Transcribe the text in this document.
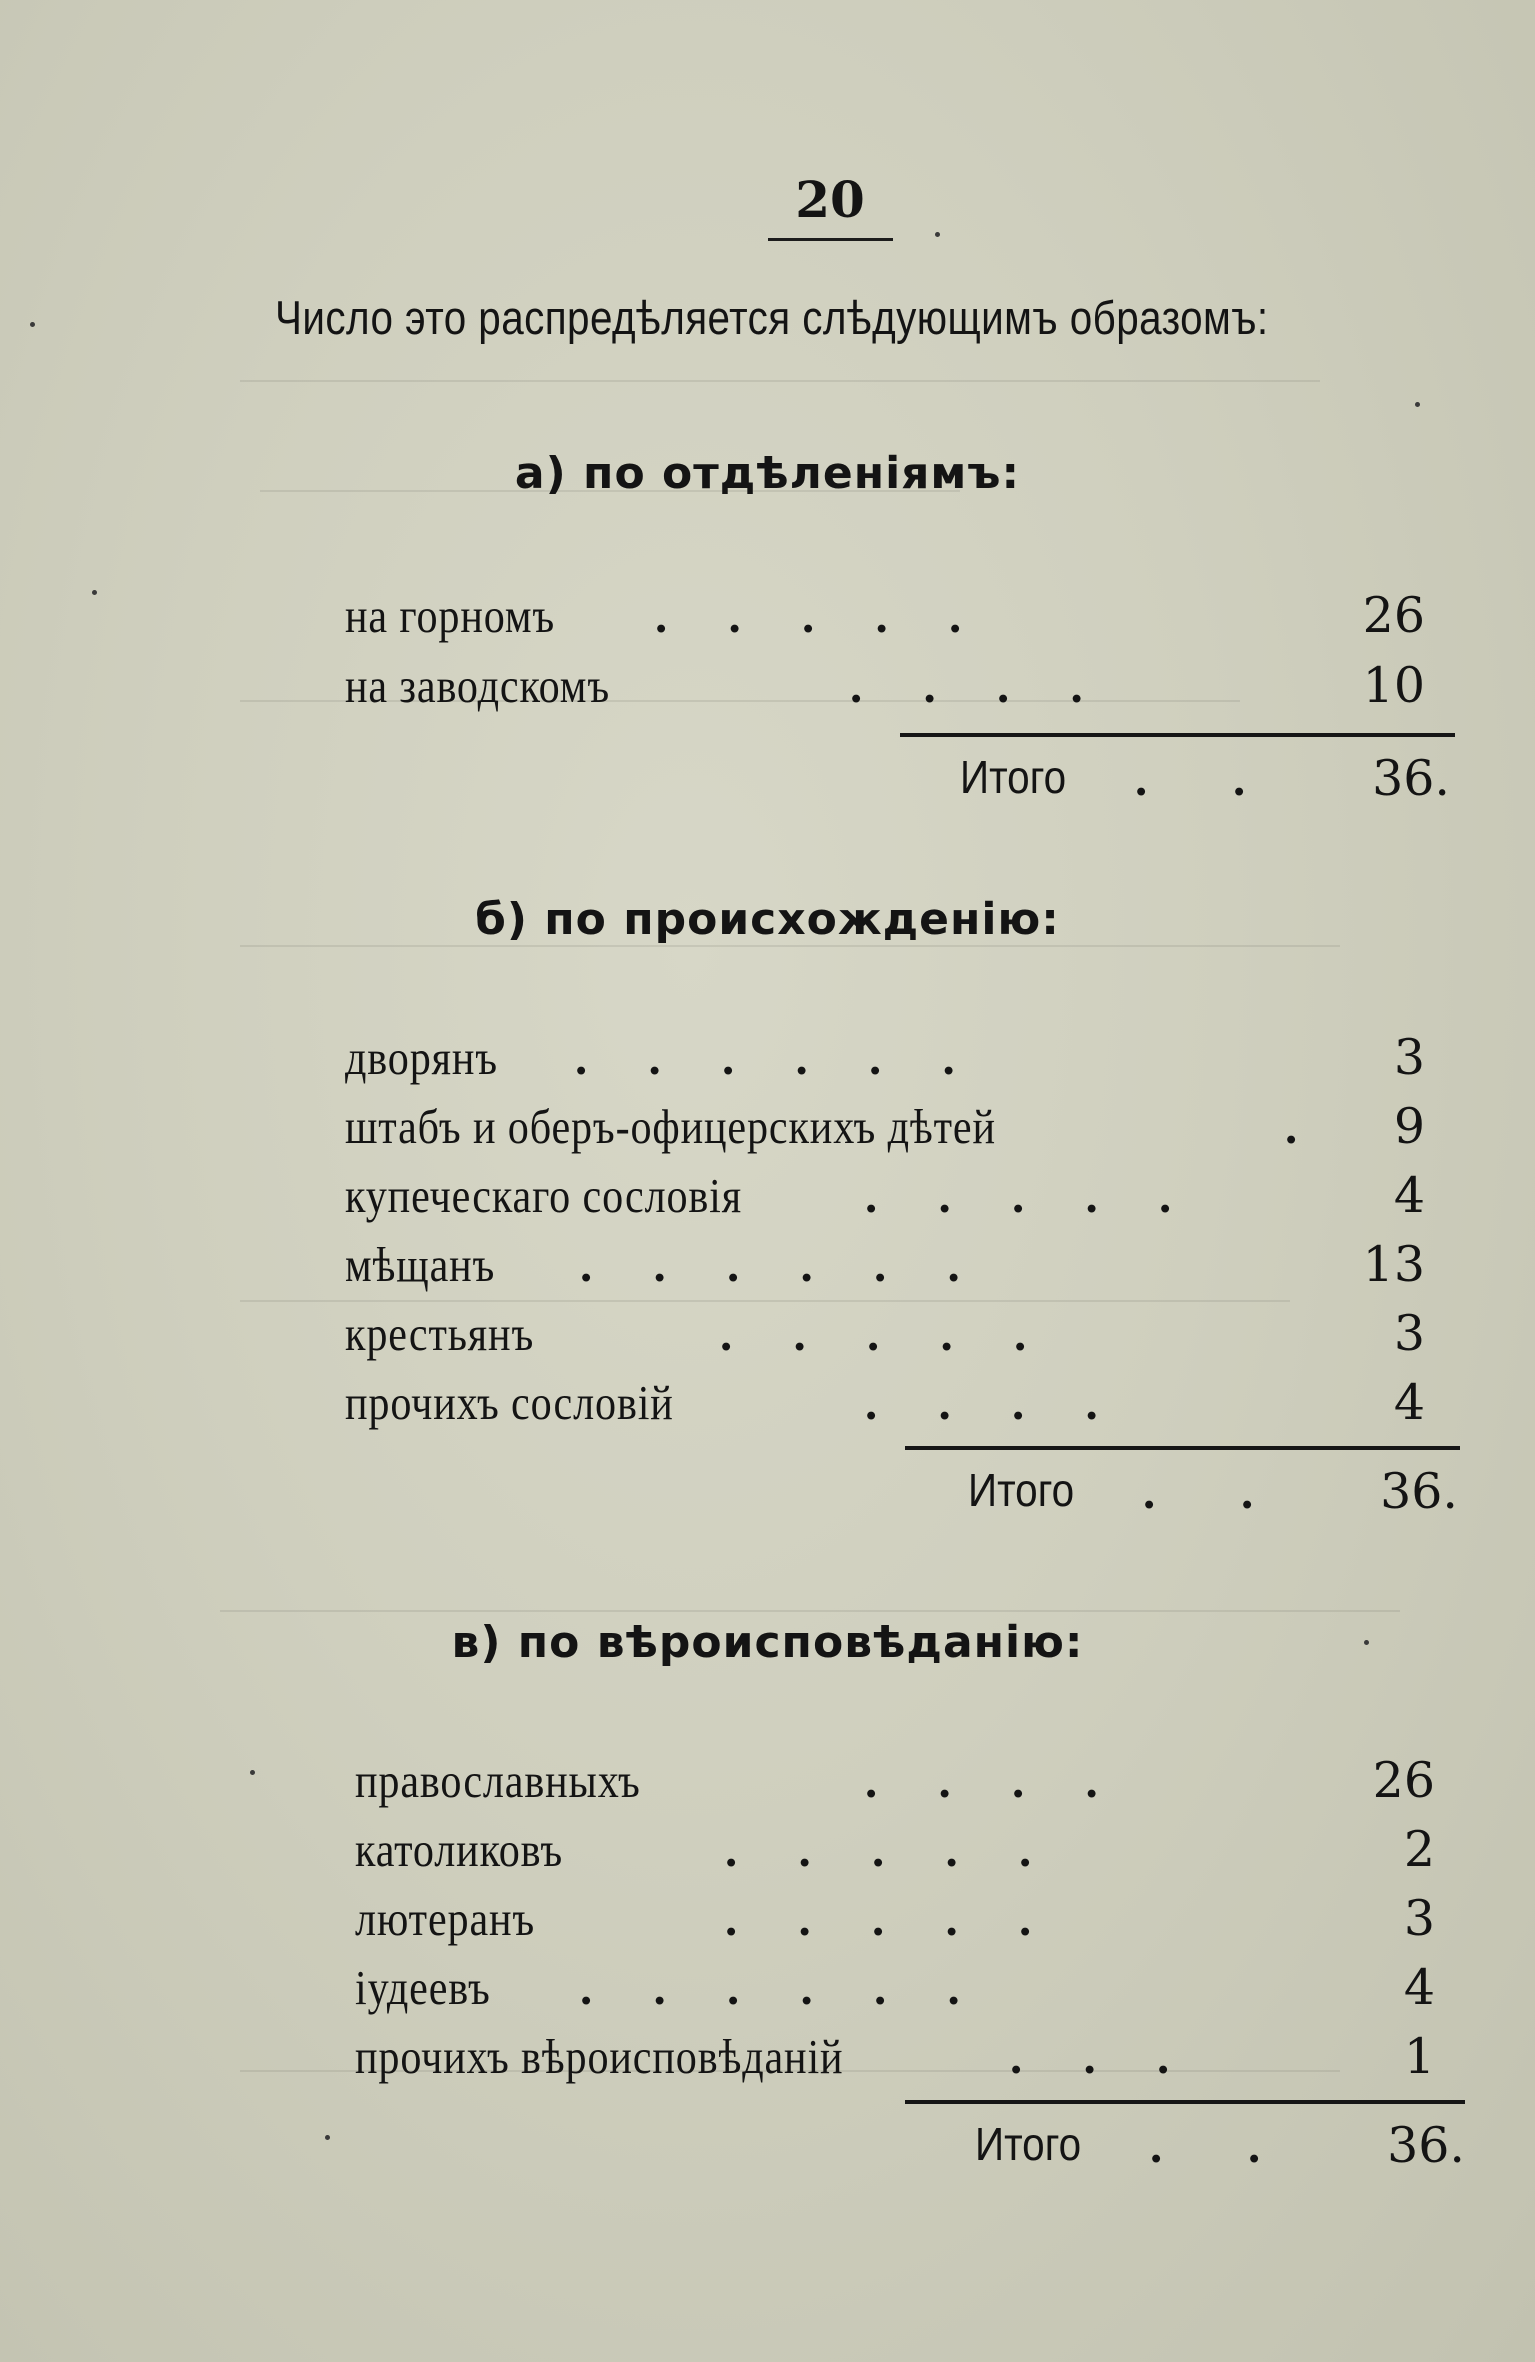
20
Число это распредѣляется слѣдующимъ образомъ:
а) по отдѣленіямъ:
на горномъ .     .     .     .     .	26
на заводскомъ	.     .     .     .	10
Итого .       .	36.
б) по происхожденію:
дворянъ .     .     .     .     .     .	3
штабъ и оберъ-офицерскихъ дѣтей	. 9
купеческаго сословія	.     .     .     .     .	4
мѣщанъ .     .     .     .     .     .	13
крестьянъ	.     .     .     .     .	3
прочихъ сословій	.     .     .     .	4
Итого .       .	36.
в) по вѣроисповѣданію:
православныхъ	.     .     .     .	26
католиковъ	.     .     .     .     .	2
лютеранъ	.     .     .     .     .	3
іудеевъ .     .     .     .     .     .	4
прочихъ вѣроисповѣданій	.     .     .	1
Итого .       .	36.
